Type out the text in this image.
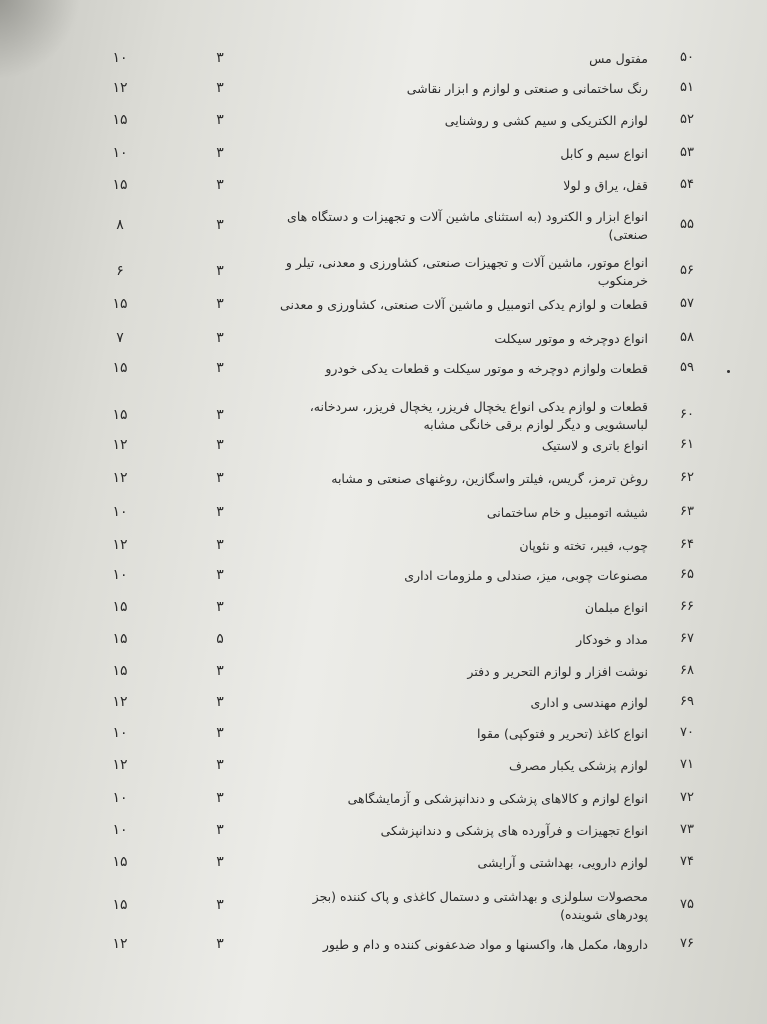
۵۰
مفتول مس
۳
۱۰
۵۱
رنگ ساختمانی و صنعتی و لوازم و ابزار نقاشی
۳
۱۲
۵۲
لوازم الکتریکی و سیم کشی و روشنایی
۳
۱۵
۵۳
انواع سیم و کابل
۳
۱۰
۵۴
قفل، یراق و لولا
۳
۱۵
۵۵
انواع ابزار و الکترود (به استثنای ماشین آلات و تجهیزات و دستگاه های صنعتی)
۳
۸
۵۶
انواع موتور، ماشین آلات و تجهیزات صنعتی، کشاورزی و معدنی، تیلر و خرمنکوب
۳
۶
۵۷
قطعات و لوازم یدکی اتومبیل و ماشین آلات صنعتی، کشاورزی و معدنی
۳
۱۵
۵۸
انواع دوچرخه و موتور سیکلت
۳
۷
۵۹
قطعات ولوازم دوچرخه و موتور سیکلت و قطعات یدکی خودرو
۳
۱۵
۶۰
قطعات و لوازم یدکی انواع یخچال فریزر، یخچال فریزر، سردخانه، لباسشویی و دیگر لوازم برقی خانگی مشابه
۳
۱۵
۶۱
انواع باتری و لاستیک
۳
۱۲
۶۲
روغن ترمز، گریس، فیلتر واسگازین، روغنهای صنعتی و مشابه
۳
۱۲
۶۳
شیشه اتومبیل و خام ساختمانی
۳
۱۰
۶۴
چوب، فیبر، تخته و نئوپان
۳
۱۲
۶۵
مصنوعات چوبی، میز، صندلی و ملزومات اداری
۳
۱۰
۶۶
انواع مبلمان
۳
۱۵
۶۷
مداد و خودکار
۵
۱۵
۶۸
نوشت افزار و لوازم التحریر و دفتر
۳
۱۵
۶۹
لوازم مهندسی و اداری
۳
۱۲
۷۰
انواع کاغذ (تحریر و فتوکپی) مقوا
۳
۱۰
۷۱
لوازم پزشکی یکبار مصرف
۳
۱۲
۷۲
انواع لوازم و کالاهای پزشکی و دندانپزشکی و آزمایشگاهی
۳
۱۰
۷۳
انواع تجهیزات و فرآورده های پزشکی و دندانپزشکی
۳
۱۰
۷۴
لوازم دارویی، بهداشتی و آرایشی
۳
۱۵
۷۵
محصولات سلولزی و بهداشتی و دستمال کاغذی و پاک کننده (بجز پودرهای شوینده)
۳
۱۵
۷۶
داروها، مکمل ها، واکسنها و مواد ضدعفونی کننده و دام و طیور
۳
۱۲
